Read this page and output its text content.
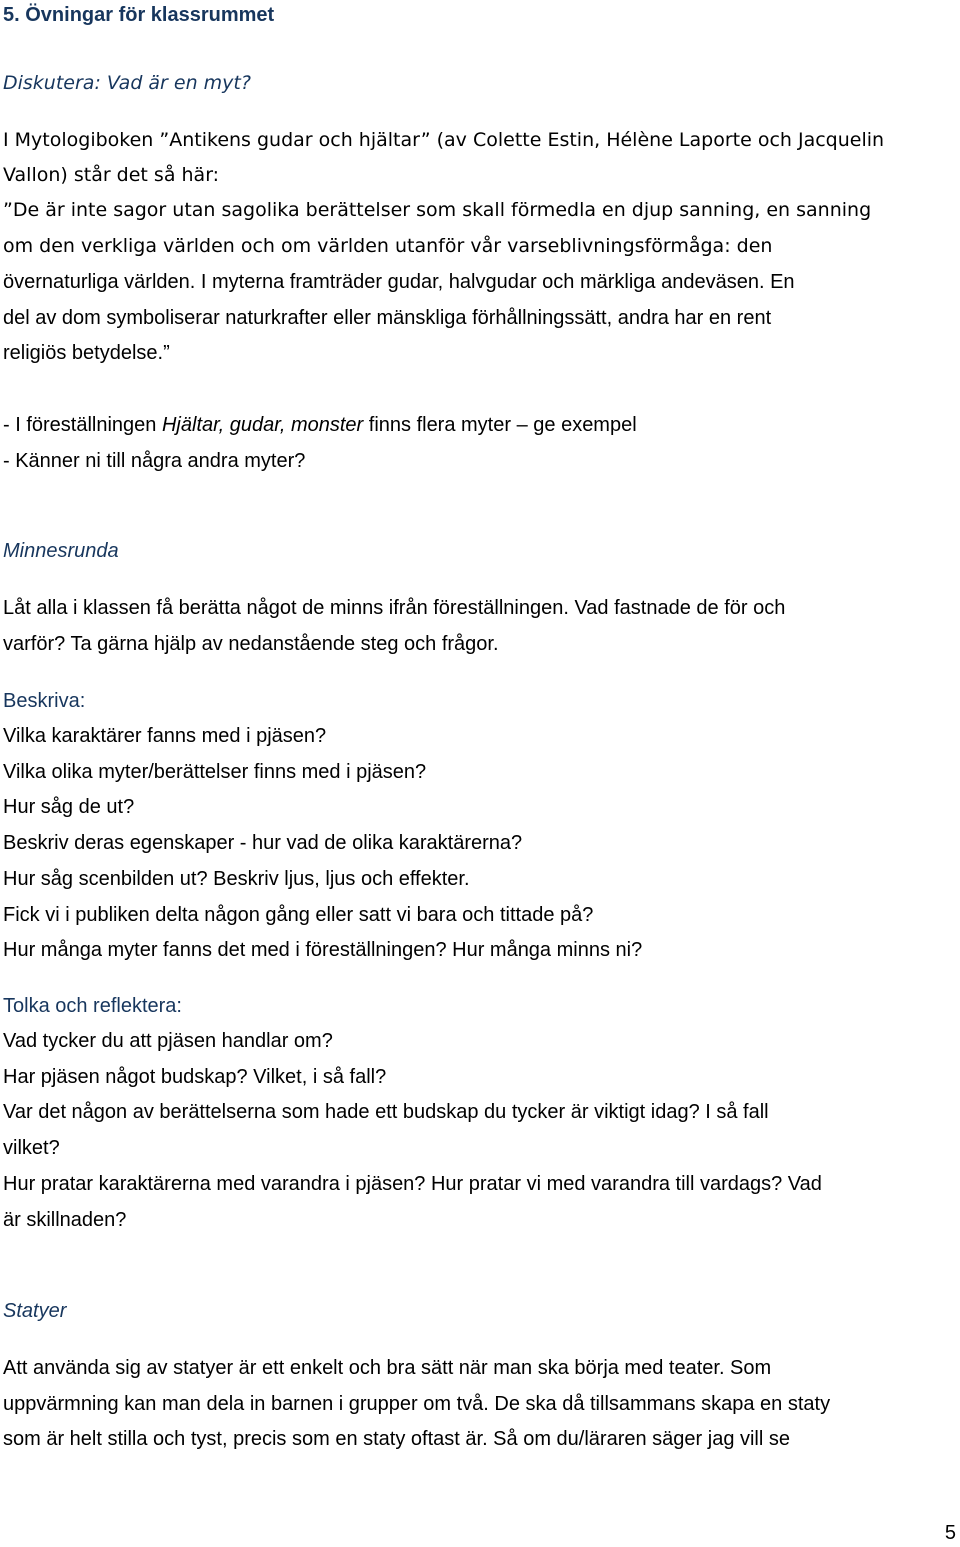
5. Övningar för klassrummet
Diskutera: Vad är en myt?
I Mytologiboken ”Antikens gudar och hjältar” (av Colette Estin, Hélène Laporte och Jacquelin
Vallon) står det så här:
”De är inte sagor utan sagolika berättelser som skall förmedla en djup sanning, en sanning
om den verkliga världen och om världen utanför vår varseblivningsförmåga: den
övernaturliga världen. I myterna framträder gudar, halvgudar och märkliga andeväsen. En
del av dom symboliserar naturkrafter eller mänskliga förhållningssätt, andra har en rent
religiös betydelse.”
- I föreställningen Hjältar, gudar, monster finns flera myter – ge exempel
- Känner ni till några andra myter?
Minnesrunda
Låt alla i klassen få berätta något de minns ifrån föreställningen. Vad fastnade de för och
varför? Ta gärna hjälp av nedanstående steg och frågor.
Beskriva:
Vilka karaktärer fanns med i pjäsen?
Vilka olika myter/berättelser finns med i pjäsen?
Hur såg de ut?
Beskriv deras egenskaper - hur vad de olika karaktärerna?
Hur såg scenbilden ut? Beskriv ljus, ljus och effekter.
Fick vi i publiken delta någon gång eller satt vi bara och tittade på?
Hur många myter fanns det med i föreställningen? Hur många minns ni?
Tolka och reflektera:
Vad tycker du att pjäsen handlar om?
Har pjäsen något budskap? Vilket, i så fall?
Var det någon av berättelserna som hade ett budskap du tycker är viktigt idag? I så fall
vilket?
Hur pratar karaktärerna med varandra i pjäsen? Hur pratar vi med varandra till vardags? Vad
är skillnaden?
Statyer
Att använda sig av statyer är ett enkelt och bra sätt när man ska börja med teater. Som
uppvärmning kan man dela in barnen i grupper om två. De ska då tillsammans skapa en staty
som är helt stilla och tyst, precis som en staty oftast är. Så om du/läraren säger jag vill se
5
